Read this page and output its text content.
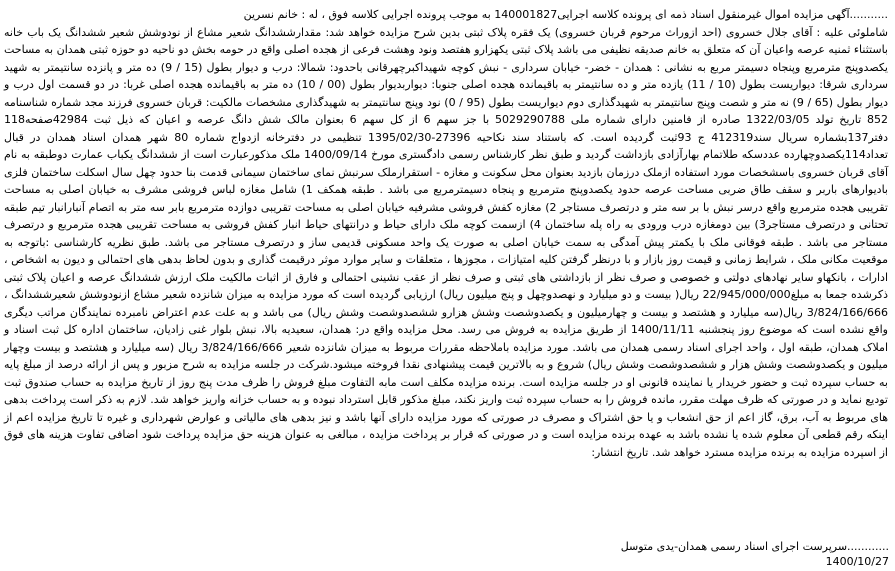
...........آگهی مزایده اموال غیرمنقول اسناد ذمه ای پرونده کلاسه اجرایی140001827 به موجب پرونده اجرایی کلاسه فوق ، له : خانم نسرین

شاملوئی علیه : آقای جلال خسروی (احد ازوراث مرحوم قربان خسروی) یک فقره پلاک ثبتی بدین شرح مزایده خواهد شد: مقدارششدانگ شعیر مشاع از نودوشش شعیر ششدانگ یک باب خانه باستثناء ثمنیه عرصه واعیان آن که متعلق به خانم صدیقه نظیفی می باشد پلاک ثبتی یکهزارو هفتصد ونود وهشت فرعی از هجده اصلی واقع در حومه بخش دو ناحیه دو حوزه ثبتی همدان به مساحت یکصدوپنج مترمربع وپنجاه دسیمتر مربع به نشانی : همدان - خضر- خیابان سرداری - نبش کوچه شهیداکبرچهرقانی باحدود: شمالا: درب و دیوار بطول (15 / 9) ده متر و پانزده سانتیمتر به شهید سرداری شرقا: دیواریست بطول (10 / 11) یازده متر و ده سانتیمتر به باقیمانده هجده اصلی جنوبا: دیواربدیوار بطول (00 / 10) ده متر به باقیمانده هجده اصلی غربا: در دو قسمت اول درب و دیوار بطول (65 / 9) نه متر و شصت وپنج سانتیمتر به شهیدگذاری دوم دیواریست بطول (95 / 0) نود وپنج سانتیمتر به شهیدگذاری مشخصات مالکیت: قربان خسروی فرزند مجد شماره شناسنامه 852 تاریخ تولد 1322/03/05 صادره از فامنین دارای شماره ملی 5029290788 با جز سهم 6 از کل سهم 6 بعنوان مالک شش دانگ عرصه و اعیان که ذیل ثبت 42984صفحه118 دفتر137بشماره سریال سند412319 ج 93ثبت گردیده است. که باستناد سند نکاحیه 27396-1395/02/30 تنظیمی در دفترخانه ازدواج شماره 80 شهر همدان اسناد همدان در قبال تعداد114یکصدوچهارده عددسکه طلاتمام بهارآزادی بازداشت گردید و طبق نظر کارشناس رسمی دادگستری مورخ 1400/09/14 ملک مذکورعبارت است از ششدانگ یکباب عمارت دوطبقه به نام آقای قربان خسروی باسشخصات مورد استفاده ازملک درزمان بازدید بعنوان محل سکونت و مغازه - استقرارملک سرنبش نمای ساختمان سیمانی قدمت بنا حدود چهل سال اسکلت ساختمان فلزی بادیوارهای باربر و سقف طاق ضربی مساحت عرصه حدود یکصدوپنج مترمربع و پنجاه دسیمترمربع می باشد . طبقه همکف 1) شامل مغازه لباس فروشی مشرف به خیابان اصلی به مساحت تقریبی هجده مترمربع واقع درسر نبش با بر سه متر و درتصرف مستاجر 2) مغازه کفش فروشی مشرفیه خیابان اصلی به مساحت تقریبی دوازده مترمربع بابر سه متر به اتصام آنبارانبار تیم طبقه تحتانی و درتصرف مستاجر3) بین دومغازه درب ورودی به راه پله ساختمان 4) ازسمت کوچه ملک دارای حیاط و درانتهای حیاط انبار کفش فروشی به مساحت تقریبی هجده مترمربع و درتصرف مستاجر می باشد . طبقه فوقانی ملک با یکمتر پیش آمدگی به سمت خیابان اصلی به صورت یک واحد مسکونی قدیمی ساز و درتصرف مستاجر می باشد. طبق نظریه کارشناسی :باتوجه به موقعیت مکانی ملک ، شرایط زمانی و قیمت روز بازار و با درنظر گرفتن کلیه امتیازات ، مجوزها ، متعلقات و سایر موارد موثر درقیمت گذاری و بدون لحاظ بدهی های احتمالی و دیون به اشخاص ، ادارات ، بانکهاو سایر نهادهای دولتی و خصوصی و صرف نظر از بازداشتی های ثبتی و صرف نظر از عقب نشینی احتمالی و فارق از اثبات مالکیت ملک ارزش ششدانگ عرصه و اعیان پلاک ثبتی ذکرشده جمعا به مبلغ22/945/000/000 ریال( بیست و دو میلیارد و نهصدوچهل و پنج میلیون ریال) ارزیابی گردیده است که مورد مزایده به میزان شانزده شعیر مشاع ازنودوشش شعیرششدانگ ، 3/824/166/666 ریال(سه میلیارد و هشتصد و بیست و چهارمیلیون و یکصدوشصت وشش هزارو ششصدوشصت وشش ریال) می باشد و به علت عدم اعتراض نامبرده نمایندگان مراتب دیگری واقع نشده است که موضوع روز پنجشنبه 1400/11/11 از طریق مزایده به فروش می رسد. محل مزایده واقع در: همدان، سعیدیه بالا، نبش بلوار غنی زادیان، ساختمان اداره کل ثبت اسناد و املاک همدان، طبقه اول ، واحد اجرای اسناد رسمی همدان می باشد. مورد مزایده باملاحظه مقررات مربوط به میزان شانزده شعیر 3/824/166/666 ریال (سه میلیارد و هشتصد و بیست وچهار میلیون و یکصدوشصت وشش هزار و ششصدوشصت وشش ریال) شروع و به بالاترین قیمت پیشنهادی نقدا فروخته میشود.شرکت در جلسه مزایده به شرح مزبور و پس از ارائه درصد از مبلغ پایه به حساب سپرده ثبت و حضور خریدار یا نماینده قانونی او در جلسه مزایده است. برنده مزایده مکلف است مابه التفاوت مبلغ فروش را ظرف مدت پنج روز از تاریخ مزایده به حساب صندوق ثبت تودیع نماید و در صورتی که ظرف مهلت مقرر، مانده فروش را به حساب سپرده ثبت واریز نکند، مبلغ مذکور قابل استرداد نبوده و به حساب خزانه واریز خواهد شد. لازم به ذکر است پرداخت بدهی های مربوط به آب، برق، گاز اعم از حق انشعاب و یا حق اشتراک و مصرف در صورتی که مورد مزایده دارای آنها باشد و نیز بدهی های مالیاتی و عوارض شهرداری و غیره تا تاریخ مزایده اعم از اینکه رقم قطعی آن معلوم شده یا نشده باشد به عهده برنده مزایده است و در صورتی که قرار بر پرداخت مزایده ، مبالغی به عنوان هزینه حق مزایده پرداخت شود اضافی تفاوت هزینه های فوق از اسپرده مزایده به برنده مزایده مسترد خواهد شد. تاریخ انتشار:

............سرپرست اجرای اسناد رسمی همدان-یدی متوسل
1400/10/27
